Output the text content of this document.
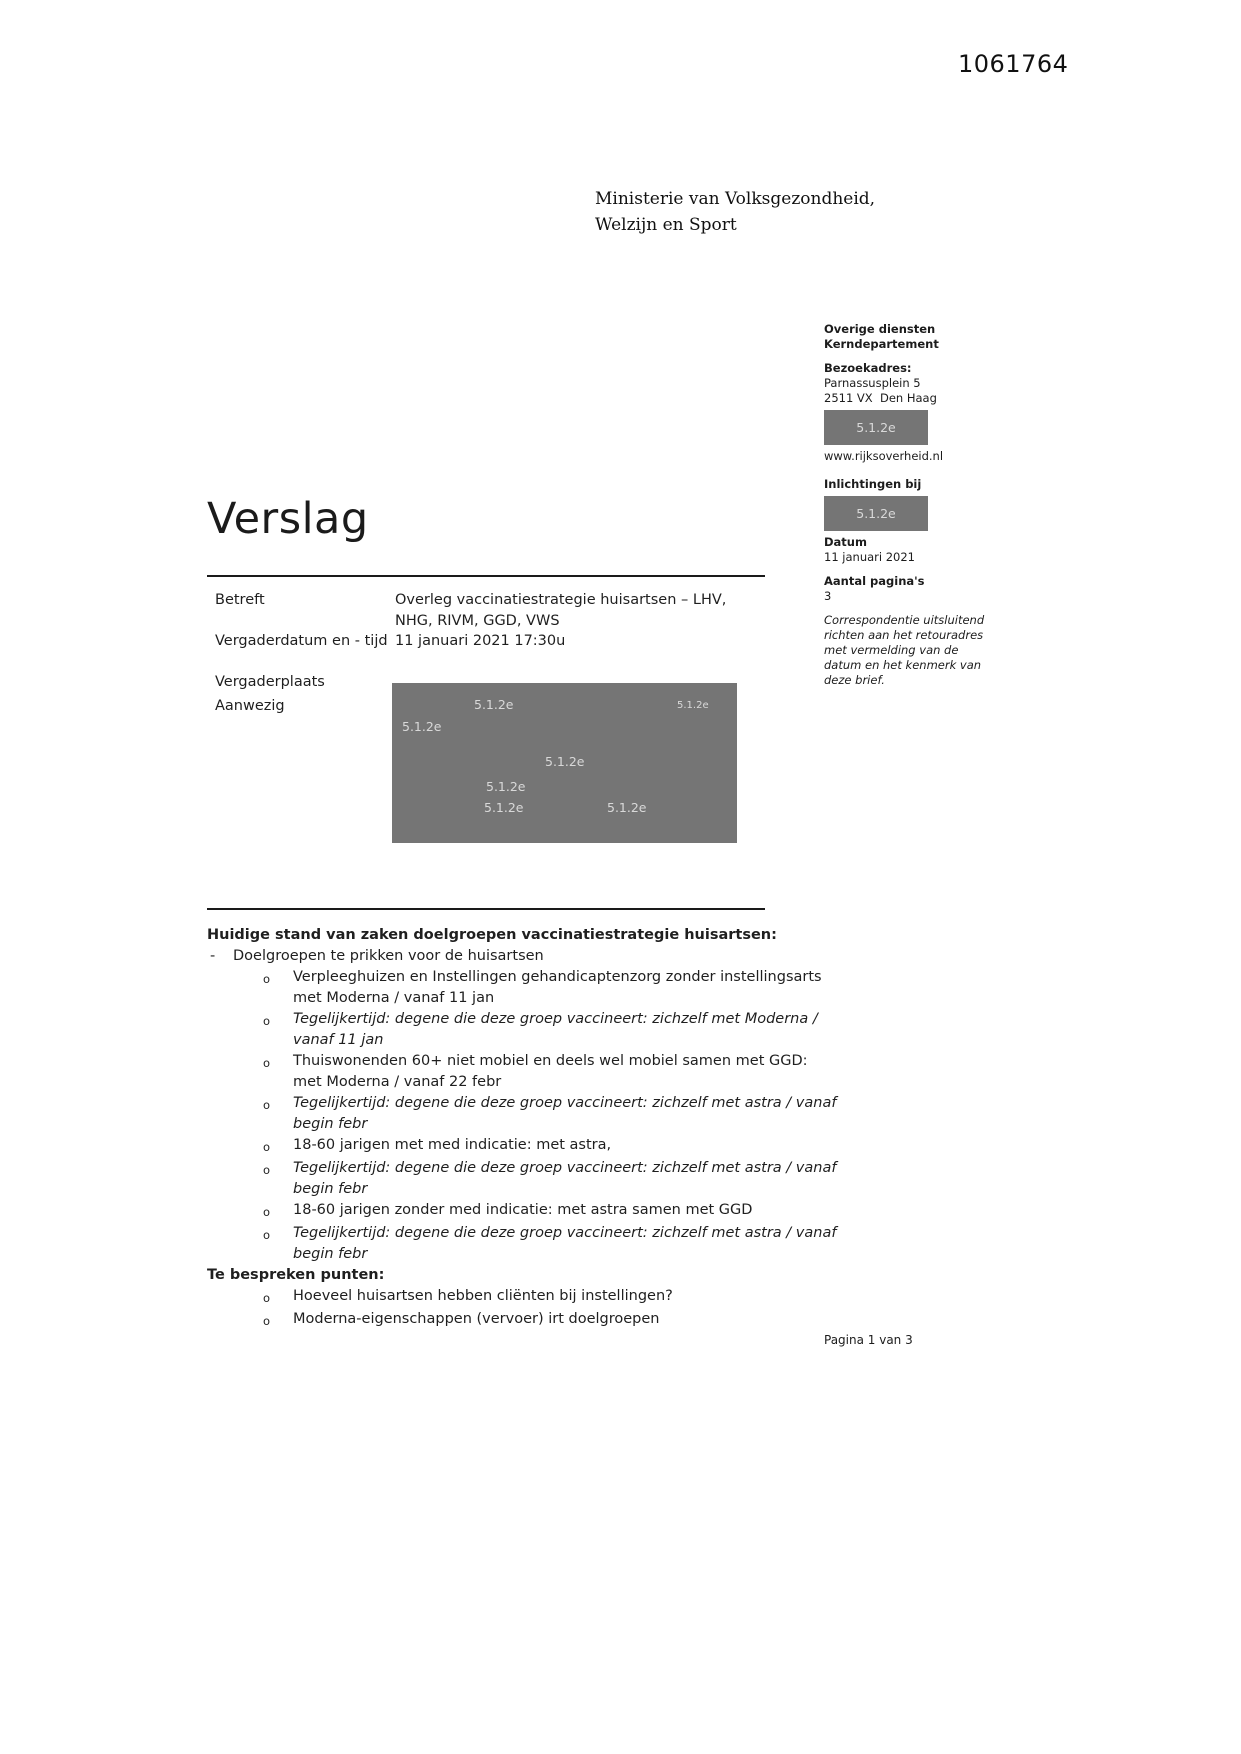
1061764
Ministerie van Volksgezondheid,
Welzijn en Sport
Overige diensten
Kerndepartement
Bezoekadres:
Parnassusplein 5
2511 VX  Den Haag
5.1.2e
www.rijksoverheid.nl
Inlichtingen bij
5.1.2e
Datum
11 januari 2021
Aantal pagina's
3
Correspondentie uitsluitend richten aan het retouradres met vermelding van de datum en het kenmerk van deze brief.
Verslag
Betreft	Overleg vaccinatiestrategie huisartsen – LHV, NHG, RIVM, GGD, VWS
Vergaderdatum en - tijd 11 januari 2021 17:30u
Vergaderplaats
Aanwezig	5.1.2e	5.1.2e
5.1.2e
5.1.2e
5.1.2e
5.1.2e	5.1.2e
Huidige stand van zaken doelgroepen vaccinatiestrategie huisartsen:
-	Doelgroepen te prikken voor de huisartsen
o	Verpleeghuizen en Instellingen gehandicaptenzorg zonder instellingsarts met Moderna / vanaf 11 jan
o	Tegelijkertijd: degene die deze groep vaccineert: zichzelf met Moderna / vanaf 11 jan
o	Thuiswonenden 60+ niet mobiel en deels wel mobiel samen met GGD: met Moderna / vanaf 22 febr
o	Tegelijkertijd: degene die deze groep vaccineert: zichzelf met astra / vanaf begin febr
o	18-60 jarigen met med indicatie: met astra,
o	Tegelijkertijd: degene die deze groep vaccineert: zichzelf met astra / vanaf begin febr
o	18-60 jarigen zonder med indicatie: met astra samen met GGD
o	Tegelijkertijd: degene die deze groep vaccineert: zichzelf met astra / vanaf begin febr
Te bespreken punten:
o	Hoeveel huisartsen hebben cliënten bij instellingen?
o	Moderna-eigenschappen (vervoer) irt doelgroepen
Pagina 1 van 3
